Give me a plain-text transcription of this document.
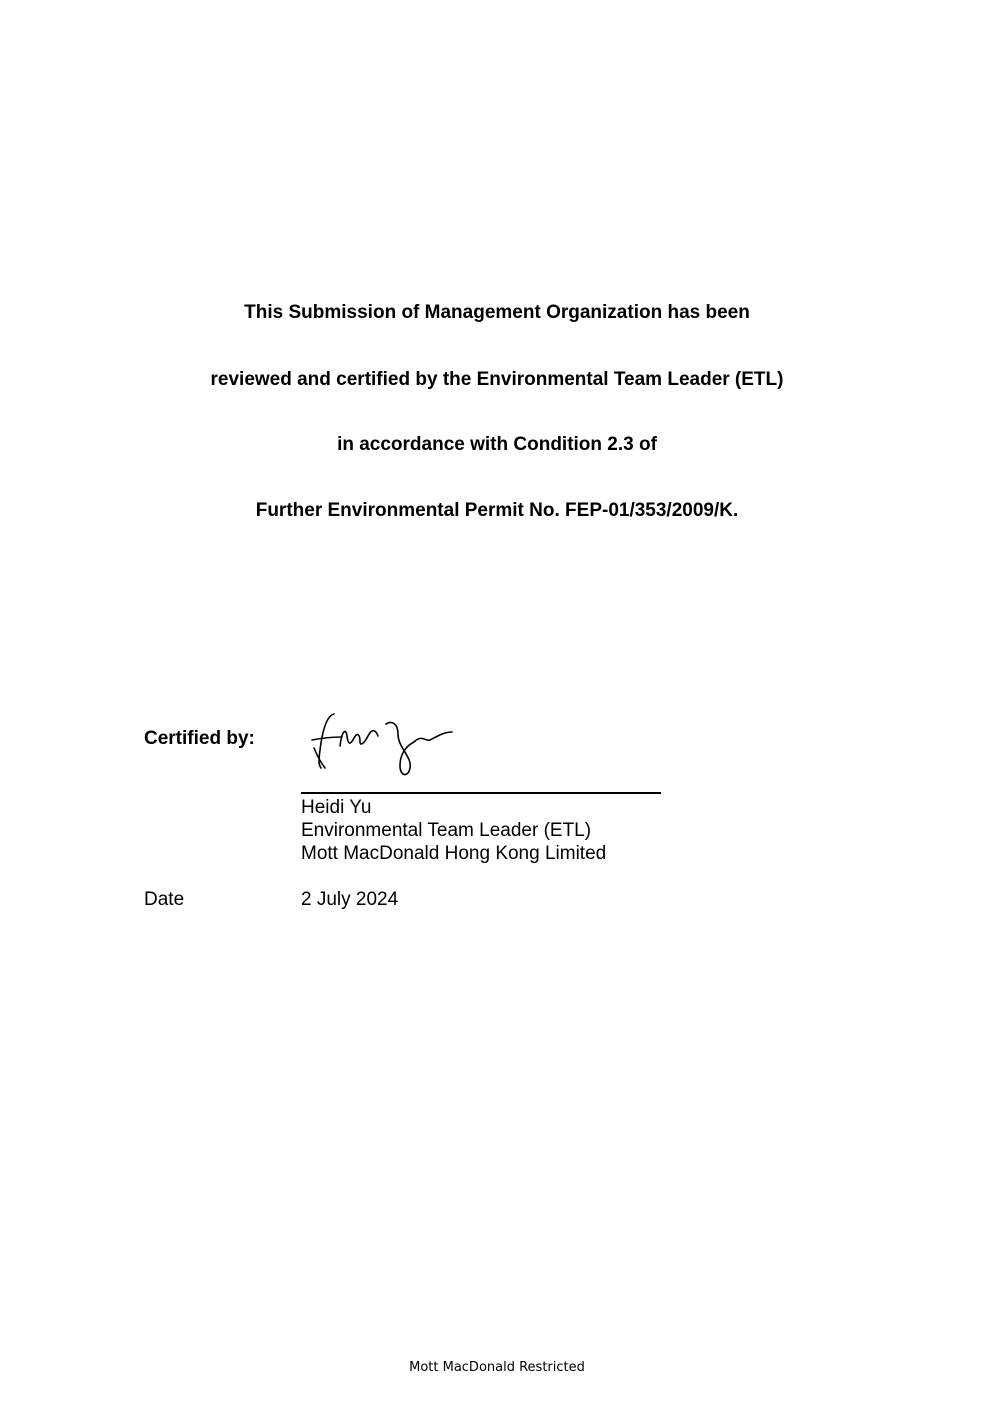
This Submission of Management Organization has been
reviewed and certified by the Environmental Team Leader (ETL)
in accordance with Condition 2.3 of
Further Environmental Permit No. FEP-01/353/2009/K.
Certified by:
Heidi Yu
Environmental Team Leader (ETL)
Mott MacDonald Hong Kong Limited
Date	2 July 2024
Mott MacDonald Restricted
